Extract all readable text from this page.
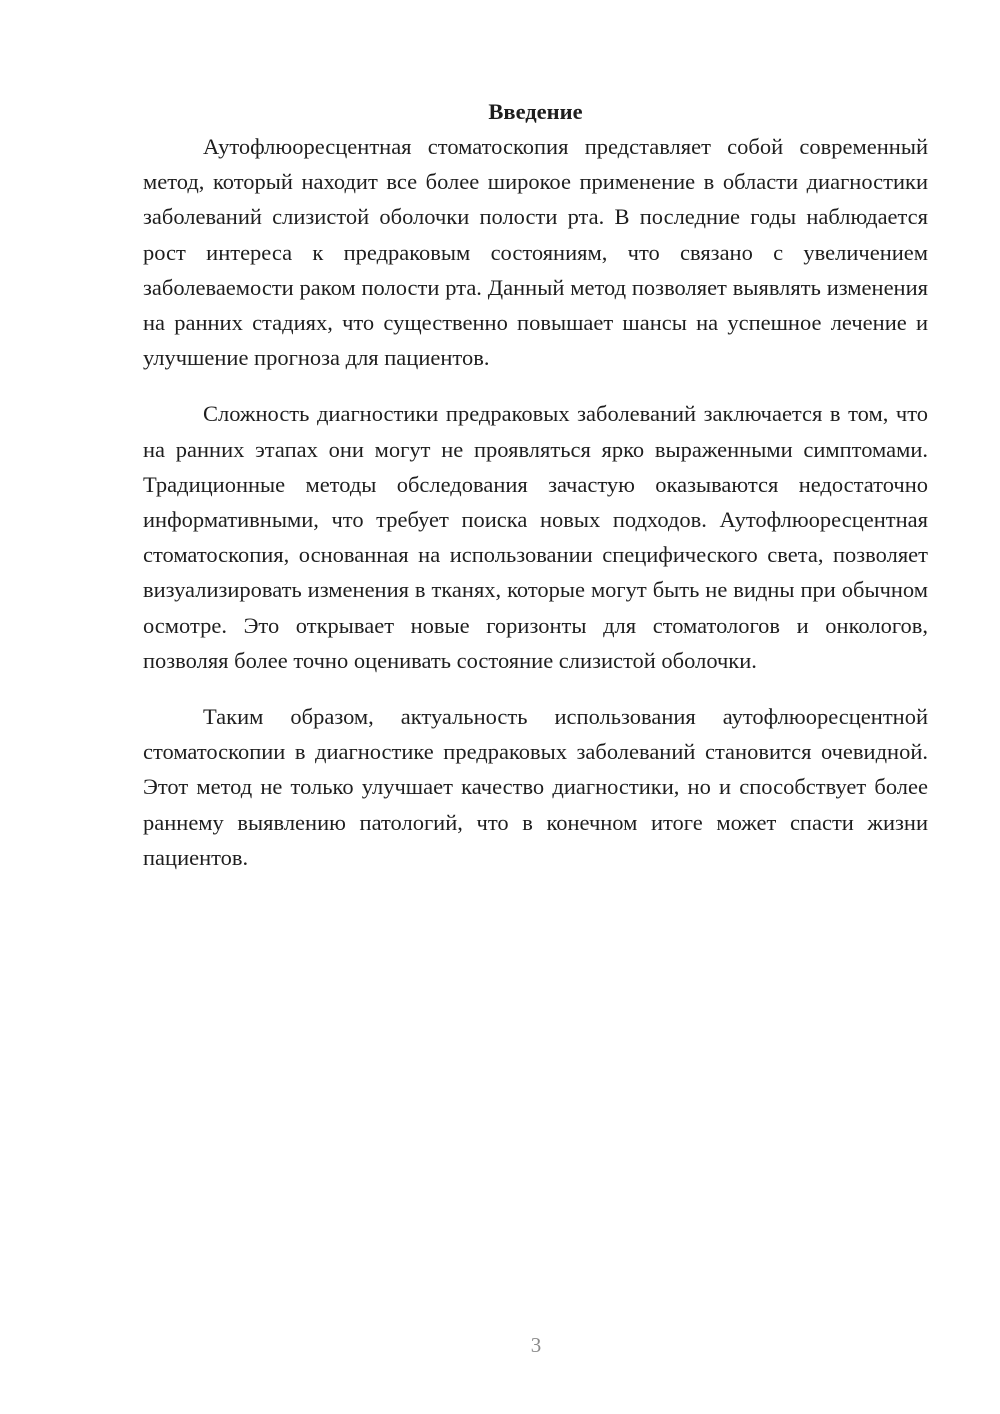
Введение

Аутофлюоресцентная стоматоскопия представляет собой современный метод, который находит все более широкое применение в области диагностики заболеваний слизистой оболочки полости рта. В последние годы наблюдается рост интереса к предраковым состояниям, что связано с увеличением заболеваемости раком полости рта. Данный метод позволяет выявлять изменения на ранних стадиях, что существенно повышает шансы на успешное лечение и улучшение прогноза для пациентов.

Сложность диагностики предраковых заболеваний заключается в том, что на ранних этапах они могут не проявляться ярко выраженными симптомами. Традиционные методы обследования зачастую оказываются недостаточно информативными, что требует поиска новых подходов. Аутофлюоресцентная стоматоскопия, основанная на использовании специфического света, позволяет визуализировать изменения в тканях, которые могут быть не видны при обычном осмотре. Это открывает новые горизонты для стоматологов и онкологов, позволяя более точно оценивать состояние слизистой оболочки.

Таким образом, актуальность использования аутофлюоресцентной стоматоскопии в диагностике предраковых заболеваний становится очевидной. Этот метод не только улучшает качество диагностики, но и способствует более раннему выявлению патологий, что в конечном итоге может спасти жизни пациентов.

3
